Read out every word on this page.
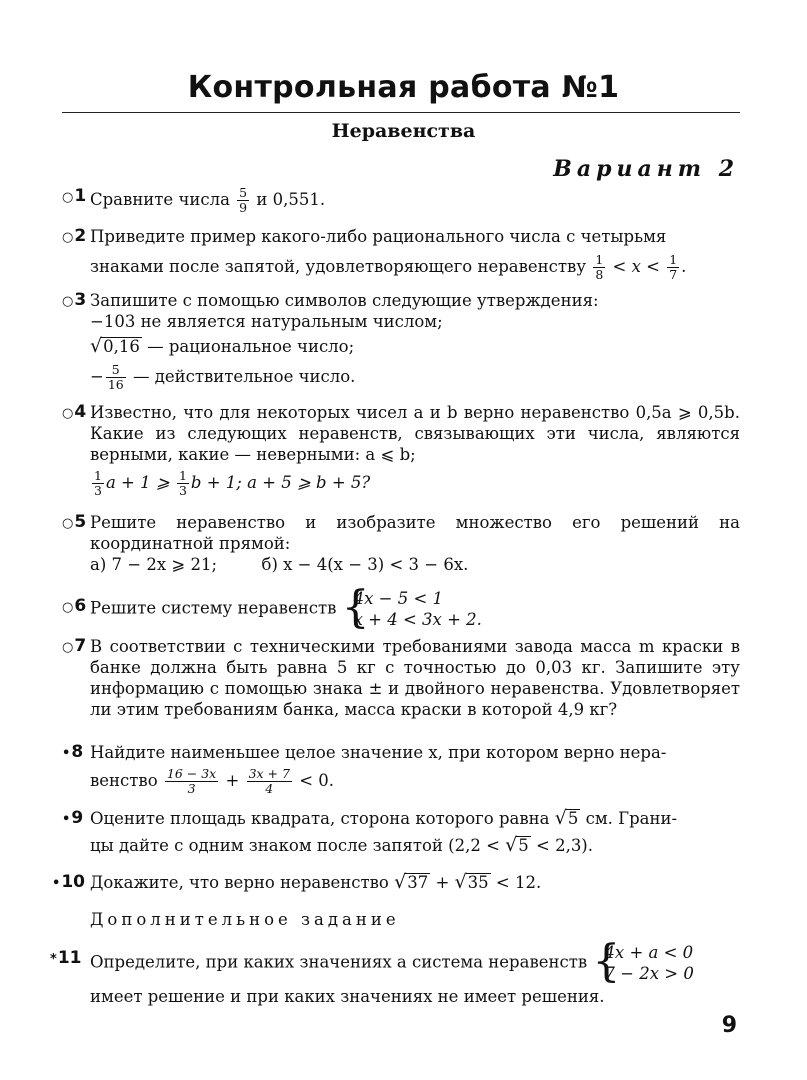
Контрольная работа №1
Неравенства
Вариант 2
○1 Сравните числа $\frac{5}{9}$ и 0,551.
○2 Приведите пример какого-либо рационального числа с четырьмя

знаками после запятой, удовлетворяющего неравенству $\frac{1}{8} < x < \frac{1}{7}$ .

○3 Запишите с помощью символов следующие утверждения:

−103 не является натуральным числом;

√0,16 — рациональное число;

− $\frac{5}{16}$ — действительное число.

○4 Известно, что для некоторых чисел a и b верно неравенство 0,5a ⩾ 0,5b. Какие из следующих неравенств, связывающих эти числа, являются верными, какие — неверными: a ⩽ b;

$\frac{1}{3}$ a + 1 ⩾ $\frac{1}{3}$ b + 1; a + 5 ⩾ b + 5?

○5 Решите неравенство и изобразите множество его решений на координатной прямой:

а) 7 − 2x ⩾ 21;	б) x − 4(x − 3) < 3 − 6x.

○6 Решите систему неравенств {
4x − 5 < 1
x + 4 < 3x + 2.
○7 В соответствии с техническими требованиями завода масса m краски в банке должна быть равна 5 кг с точностью до 0,03 кг. Запишите эту информацию с помощью знака ± и двойного неравенства. Удовлетворяет ли этим требованиям банка, масса краски в которой 4,9 кг?

•8 Найдите наименьшее целое значение x, при котором верно нера-

венство $\frac{16 - 3x}{3} + \frac{3x + 7}{4} < 0$.

•9 Оцените площадь квадрата, сторона которого равна √5 см. Грани-

цы дайте с одним знаком после запятой (2,2 < √5 < 2,3).

•10 Докажите, что верно неравенство √37 + √35 < 12.
Дополнительное задание
*11 Определите, при каких значениях a система неравенств {
4x + a < 0
7 − 2x > 0

имеет решение и при каких значениях не имеет решения.

9
